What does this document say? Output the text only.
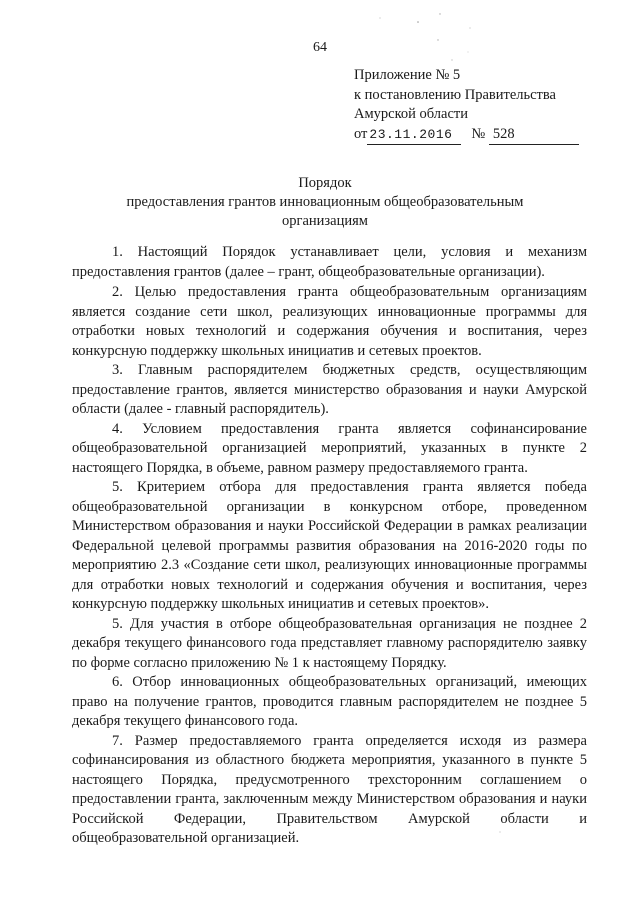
64
Приложение № 5
к постановлению Правительства
Амурской области
от 23.11.2016 № 528
Порядок
предоставления грантов инновационным общеобразовательным
организациям

1. Настоящий Порядок устанавливает цели, условия и механизм предоставления грантов (далее – грант, общеобразовательные организации).

2. Целью предоставления гранта общеобразовательным организациям является создание сети школ, реализующих инновационные программы для отработки новых технологий и содержания обучения и воспитания, через конкурсную поддержку школьных инициатив и сетевых проектов.

3. Главным распорядителем бюджетных средств, осуществляющим предоставление грантов, является министерство образования и науки Амурской области (далее - главный распорядитель).

4. Условием предоставления гранта является софинансирование общеобразовательной организацией мероприятий, указанных в пункте 2 настоящего Порядка, в объеме, равном размеру предоставляемого гранта.

5. Критерием отбора для предоставления гранта является победа общеобразовательной организации в конкурсном отборе, проведенном Министерством образования и науки Российской Федерации в рамках реализации Федеральной целевой программы развития образования на 2016-2020 годы по мероприятию 2.3 «Создание сети школ, реализующих инновационные программы для отработки новых технологий и содержания обучения и воспитания, через конкурсную поддержку школьных инициатив и сетевых проектов».

5. Для участия в отборе общеобразовательная организация не позднее 2 декабря текущего финансового года представляет главному распорядителю заявку по форме согласно приложению № 1 к настоящему Порядку.

6. Отбор инновационных общеобразовательных организаций, имеющих право на получение грантов, проводится главным распорядителем не позднее 5 декабря текущего финансового года.

7. Размер предоставляемого гранта определяется исходя из размера софинансирования из областного бюджета мероприятия, указанного в пункте 5 настоящего Порядка, предусмотренного трехсторонним соглашением о предоставлении гранта, заключенным между Министерством образования и науки Российской Федерации, Правительством Амурской области и общеобразовательной организацией.
